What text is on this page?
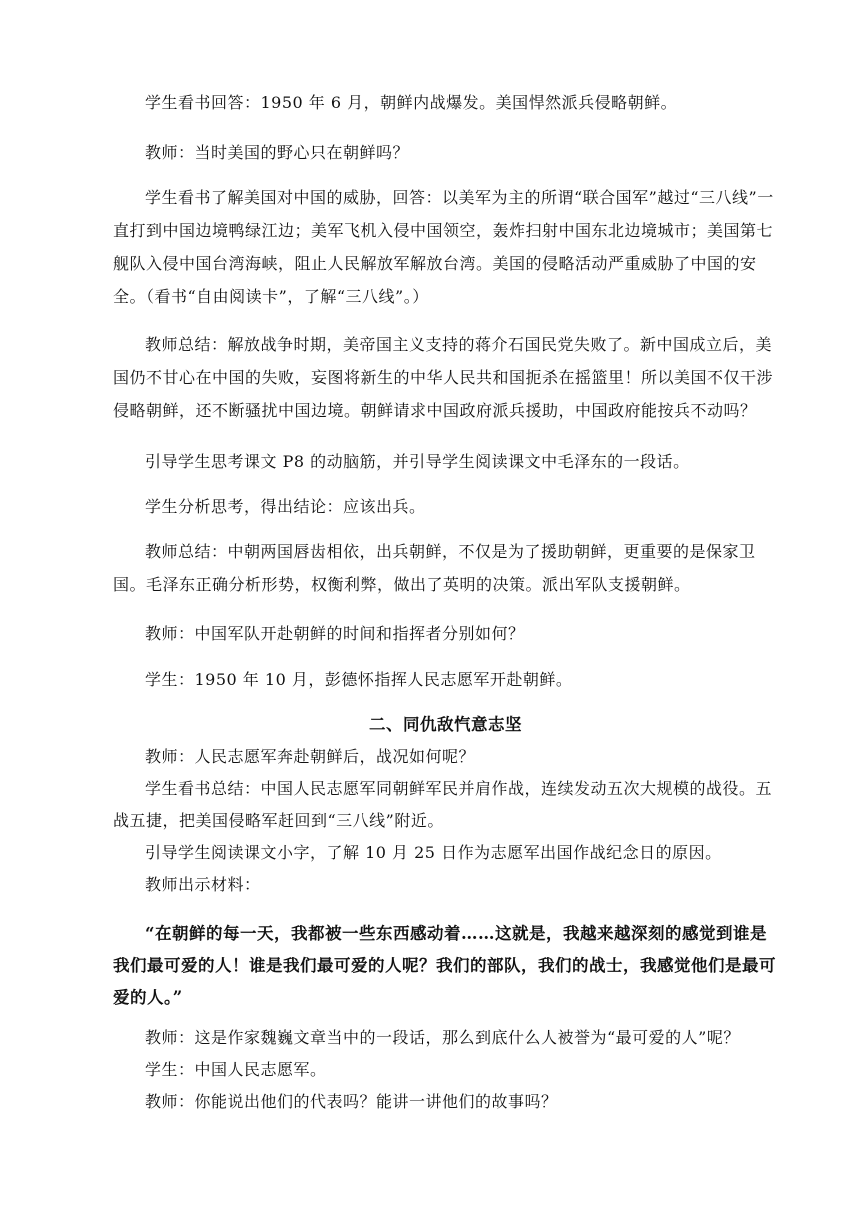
学生看书回答：1950 年 6 月，朝鲜内战爆发。美国悍然派兵侵略朝鲜。

教师：当时美国的野心只在朝鲜吗？

学生看书了解美国对中国的威胁，回答：以美军为主的所谓“联合国军”越过“三八线”一直打到中国边境鸭绿江边；美军飞机入侵中国领空，轰炸扫射中国东北边境城市；美国第七舰队入侵中国台湾海峡，阻止人民解放军解放台湾。美国的侵略活动严重威胁了中国的安全。（看书“自由阅读卡”，了解“三八线”。）

教师总结：解放战争时期，美帝国主义支持的蒋介石国民党失败了。新中国成立后，美国仍不甘心在中国的失败，妄图将新生的中华人民共和国扼杀在摇篮里！所以美国不仅干涉侵略朝鲜，还不断骚扰中国边境。朝鲜请求中国政府派兵援助，中国政府能按兵不动吗？

引导学生思考课文 P8 的动脑筋，并引导学生阅读课文中毛泽东的一段话。

学生分析思考，得出结论：应该出兵。

教师总结：中朝两国唇齿相依，出兵朝鲜，不仅是为了援助朝鲜，更重要的是保家卫国。毛泽东正确分析形势，权衡利弊，做出了英明的决策。派出军队支援朝鲜。

教师：中国军队开赴朝鲜的时间和指挥者分别如何？

学生：1950 年 10 月，彭德怀指挥人民志愿军开赴朝鲜。

二、同仇敌忾意志坚

教师：人民志愿军奔赴朝鲜后，战况如何呢？

学生看书总结：中国人民志愿军同朝鲜军民并肩作战，连续发动五次大规模的战役。五战五捷，把美国侵略军赶回到“三八线”附近。

引导学生阅读课文小字，了解 10 月 25 日作为志愿军出国作战纪念日的原因。

教师出示材料：

“在朝鲜的每一天，我都被一些东西感动着……这就是，我越来越深刻的感觉到谁是我们最可爱的人！谁是我们最可爱的人呢？我们的部队，我们的战士，我感觉他们是最可爱的人。”

教师：这是作家魏巍文章当中的一段话，那么到底什么人被誉为“最可爱的人”呢？

学生：中国人民志愿军。

教师：你能说出他们的代表吗？能讲一讲他们的故事吗？
